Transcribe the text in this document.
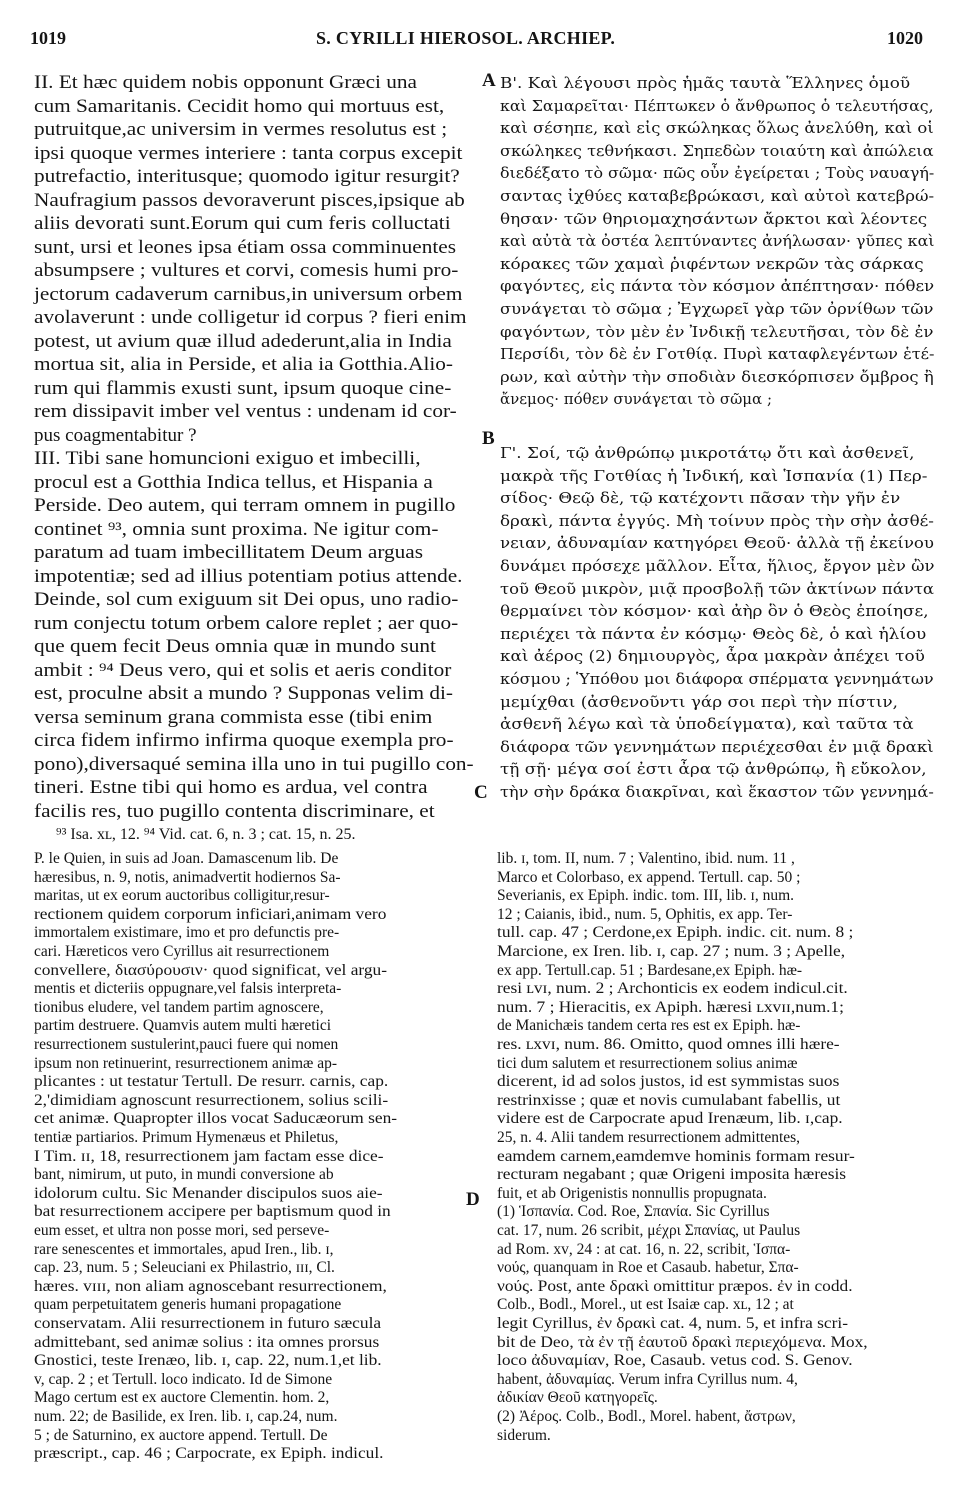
1019	S. CYRILLI HIEROSOL. ARCHIEP.	1020
A
B
C
D
II. Et hæc quidem nobis opponunt Græci una
cum Samaritanis. Cecidit homo qui mortuus est,
putruitque,ac universim in vermes resolutus est ;
ipsi quoque vermes interiere : tanta corpus excepit
putrefactio, interitusque; quomodo igitur resurgit?
Naufragium passos devoraverunt pisces,ipsique ab
aliis devorati sunt.Eorum qui cum feris colluctati
sunt, ursi et leones ipsa étiam ossa comminuentes
absumpsere ; vultures et corvi, comesis humi pro-
jectorum cadaverum carnibus,in universum orbem
avolaverunt : unde colligetur id corpus ? fieri enim
potest, ut avium quæ illud adederunt,alia in India
mortua sit, alia in Perside, et alia ia Gotthia.Alio-
rum qui flammis exusti sunt, ipsum quoque cine-
rem dissipavit imber vel ventus : undenam id cor-
pus coagmentabitur ?
III. Tibi sane homuncioni exiguo et imbecilli,
procul est a Gotthia Indica tellus, et Hispania a
Perside. Deo autem, qui terram omnem in pugillo
continet ⁹³, omnia sunt proxima. Ne igitur com-
paratum ad tuam imbecillitatem Deum arguas
impotentiæ; sed ad illius potentiam potius attende.
Deinde, sol cum exiguum sit Dei opus, uno radio-
rum conjectu totum orbem calore replet ; aer quo-
que quem fecit Deus omnia quæ in mundo sunt
ambit : ⁹⁴ Deus vero, qui et solis et aeris conditor
est, proculne absit a mundo ? Supponas velim di-
versa seminum grana commista esse (tibi enim
circa fidem infirmo infirma quoque exempla pro-
pono),diversaqué semina illa uno in tui pugillo con-
tineri. Estne tibi qui homo es ardua, vel contra
facilis res, tuo pugillo contenta discriminare, et
⁹³ Isa. xʟ, 12. ⁹⁴ Vid. cat. 6, n. 3 ; cat. 15, n. 25.
Β'. Καὶ λέγουσι πρὸς ἡμᾶς ταυτὰ Ἕλληνες ὁμοῦ
καὶ Σαμαρεῖται· Πέπτωκεν ὁ ἄνθρωπος ὁ τελευτήσας,
καὶ σέσηπε, καὶ εἰς σκώληκας ὅλως ἀνελύθη, καὶ οἱ
σκώληκες τεθνήκασι. Σηπεδὼν τοιαύτη καὶ ἀπώλεια
διεδέξατο τὸ σῶμα· πῶς οὖν ἐγείρεται ; Τοὺς ναυαγή-
σαντας ἰχθύες καταβεβρώκασι, καὶ αὐτοὶ κατεβρώ-
θησαν· τῶν θηριομαχησάντων ἄρκτοι καὶ λέοντες
καὶ αὐτὰ τὰ ὀστέα λεπτύναντες ἀνήλωσαν· γῦπες καὶ
κόρακες τῶν χαμαὶ ῥιφέντων νεκρῶν τὰς σάρκας
φαγόντες, εἰς πάντα τὸν κόσμον ἀπέπτησαν· πόθεν
συνάγεται τὸ σῶμα ; Ἐγχωρεῖ γὰρ τῶν ὀρνίθων τῶν
φαγόντων, τὸν μὲν ἐν Ἰνδικῇ τελευτῆσαι, τὸν δὲ ἐν
Περσίδι, τὸν δὲ ἐν Γοτθίᾳ. Πυρὶ καταφλεγέντων ἑτέ-
ρων, καὶ αὐτὴν τὴν σποδιὰν διεσκόρπισεν ὄμβρος ἢ
ἄνεμος· πόθεν συνάγεται τὸ σῶμα ;
Γ'. Σοί, τῷ ἀνθρώπῳ μικροτάτῳ ὄτι καὶ ἀσθενεῖ,
μακρὰ τῆς Γοτθίας ἡ Ἰνδική, καὶ Ἱσπανία (1) Περ-
σίδος· Θεῷ δὲ, τῷ κατέχοντι πᾶσαν τὴν γῆν ἐν
δρακὶ, πάντα ἐγγύς. Μὴ τοίνυν πρὸς τὴν σὴν ἀσθέ-
νειαν, ἀδυναμίαν κατηγόρει Θεοῦ· ἀλλὰ τῇ ἐκείνου
δυνάμει πρόσεχε μᾶλλον. Εἶτα, ἥλιος, ἔργον μὲν ὢν
τοῦ Θεοῦ μικρὸν, μιᾷ προσβολῇ τῶν ἀκτίνων πάντα
θερμαίνει τὸν κόσμον· καὶ ἀὴρ ὃν ὁ Θεὸς ἐποίησε,
περιέχει τὰ πάντα ἐν κόσμῳ· Θεὸς δὲ, ὁ καὶ ἡλίου
καὶ ἀέρος (2) δημιουργὸς, ἆρα μακρὰν ἀπέχει τοῦ
κόσμου ; Ὑπόθου μοι διάφορα σπέρματα γεννημάτων
μεμίχθαι (ἀσθενοῦντι γάρ σοι περὶ τὴν πίστιν,
ἀσθενῆ λέγω καὶ τὰ ὑποδείγματα), καὶ ταῦτα τὰ
διάφορα τῶν γεννημάτων περιέχεσθαι ἐν μιᾷ δρακὶ
τῇ σῇ· μέγα σοί ἐστι ἆρα τῷ ἀνθρώπῳ, ἢ εὔκολον,
τὴν σὴν δράκα διακρῖναι, καὶ ἕκαστον τῶν γεννημά-
P. le Quien, in suis ad Joan. Damascenum lib. De
hæresibus, n. 9, notis, animadvertit hodiernos Sa-
maritas, ut ex eorum auctoribus colligitur,resur-
rectionem quidem corporum inficiari,animam vero
immortalem existimare, imo et pro defunctis pre-
cari. Hæreticos vero Cyrillus ait resurrectionem
convellere, διασύρουσιν· quod significat, vel argu-
mentis et dicteriis oppugnare,vel falsis interpreta-
tionibus eludere, vel tandem partim agnoscere,
partim destruere. Quamvis autem multi hæretici
resurrectionem sustulerint,pauci fuere qui nomen
ipsum non retinuerint, resurrectionem animæ ap-
plicantes : ut testatur Tertull. De resurr. carnis, cap.
2,'dimidiam agnoscunt resurrectionem, solius scili-
cet animæ. Quapropter illos vocat Saducæorum sen-
tentiæ partiarios. Primum Hymenæus et Philetus,
I Tim. ɪɪ, 18, resurrectionem jam factam esse dice-
bant, nimirum, ut puto, in mundi conversione ab
idolorum cultu. Sic Menander discipulos suos aie-
bat resurrectionem accipere per baptismum quod in
eum esset, et ultra non posse mori, sed perseve-
rare senescentes et immortales, apud Iren., lib. ɪ,
cap. 23, num. 5 ; Seleuciani ex Philastrio, ɪɪɪ, Cl.
hæres. ᴠɪɪɪ, non aliam agnoscebant resurrectionem,
quam perpetuitatem generis humani propagatione
conservatam. Alii resurrectionem in futuro sæcula
admittebant, sed animæ solius : ita omnes prorsus
Gnostici, teste Irenæo, lib. ɪ, cap. 22, num.1,et lib.
v, cap. 2 ; et Tertull. loco indicato. Id de Simone
Mago certum est ex auctore Clementin. hom. 2,
num. 22; de Basilide, ex Iren. lib. ɪ, cap.24, num.
5 ; de Saturnino, ex auctore append. Tertull. De
præscript., cap. 46 ; Carpocrate, ex Epiph. indicul.
lib. ɪ, tom. II, num. 7 ; Valentino, ibid. num. 11 ,
Marco et Colorbaso, ex append. Tertull. cap. 50 ;
Severianis, ex Epiph. indic. tom. III, lib. ɪ, num.
12 ; Caianis, ibid., num. 5, Ophitis, ex app. Ter-
tull. cap. 47 ; Cerdone,ex Epiph. indic. cit. num. 8 ;
Marcione, ex Iren. lib. ɪ, cap. 27 ; num. 3 ; Apelle,
ex app. Tertull.cap. 51 ; Bardesane,ex Epiph. hæ-
resi ʟᴠɪ, num. 2 ; Archonticis ex eodem indicul.cit.
num. 7 ; Hieracitis, ex Apiph. hæresi ʟxᴠɪɪ,num.1;
de Manichæis tandem certa res est ex Epiph. hæ-
res. ʟxᴠɪ, num. 86. Omitto, quod omnes illi hære-
tici dum salutem et resurrectionem solius animæ
dicerent, id ad solos justos, id est symmistas suos
restrinxisse ; quæ et novis cumulabant fabellis, ut
videre est de Carpocrate apud Irenæum, lib. ɪ,cap.
25, n. 4. Alii tandem resurrectionem admittentes,
eamdem carnem,eamdemve hominis formam resur-
recturam negabant ; quæ Origeni imposita hæresis
fuit, et ab Origenistis nonnullis propugnata.
(1) Ἱσπανία. Cod. Roe, Σπανία. Sic Cyrillus
cat. 17, num. 26 scribit, μέχρι Σπανίας, ut Paulus
ad Rom. xᴠ, 24 : at cat. 16, n. 22, scribit, Ἱσπα-
νούς, quanquam in Roe et Casaub. habetur, Σπα-
νούς. Post, ante δρακὶ omittitur præpos. ἐν in codd.
Colb., Bodl., Morel., ut est Isaiæ cap. xʟ, 12 ; at
legit Cyrillus, ἐν δρακὶ cat. 4, num. 5, et infra scri-
bit de Deo, τὰ ἐν τῇ ἑαυτοῦ δρακὶ περιεχόμενα. Mox,
loco ἀδυναμίαν, Roe, Casaub. vetus cod. S. Genov.
habent, ἀδυναμίας. Verum infra Cyrillus num. 4,
ἀδικίαν Θεοῦ κατηγορεῖς.
(2) Ἀέρος. Colb., Bodl., Morel. habent, ἄστρων,
siderum.
